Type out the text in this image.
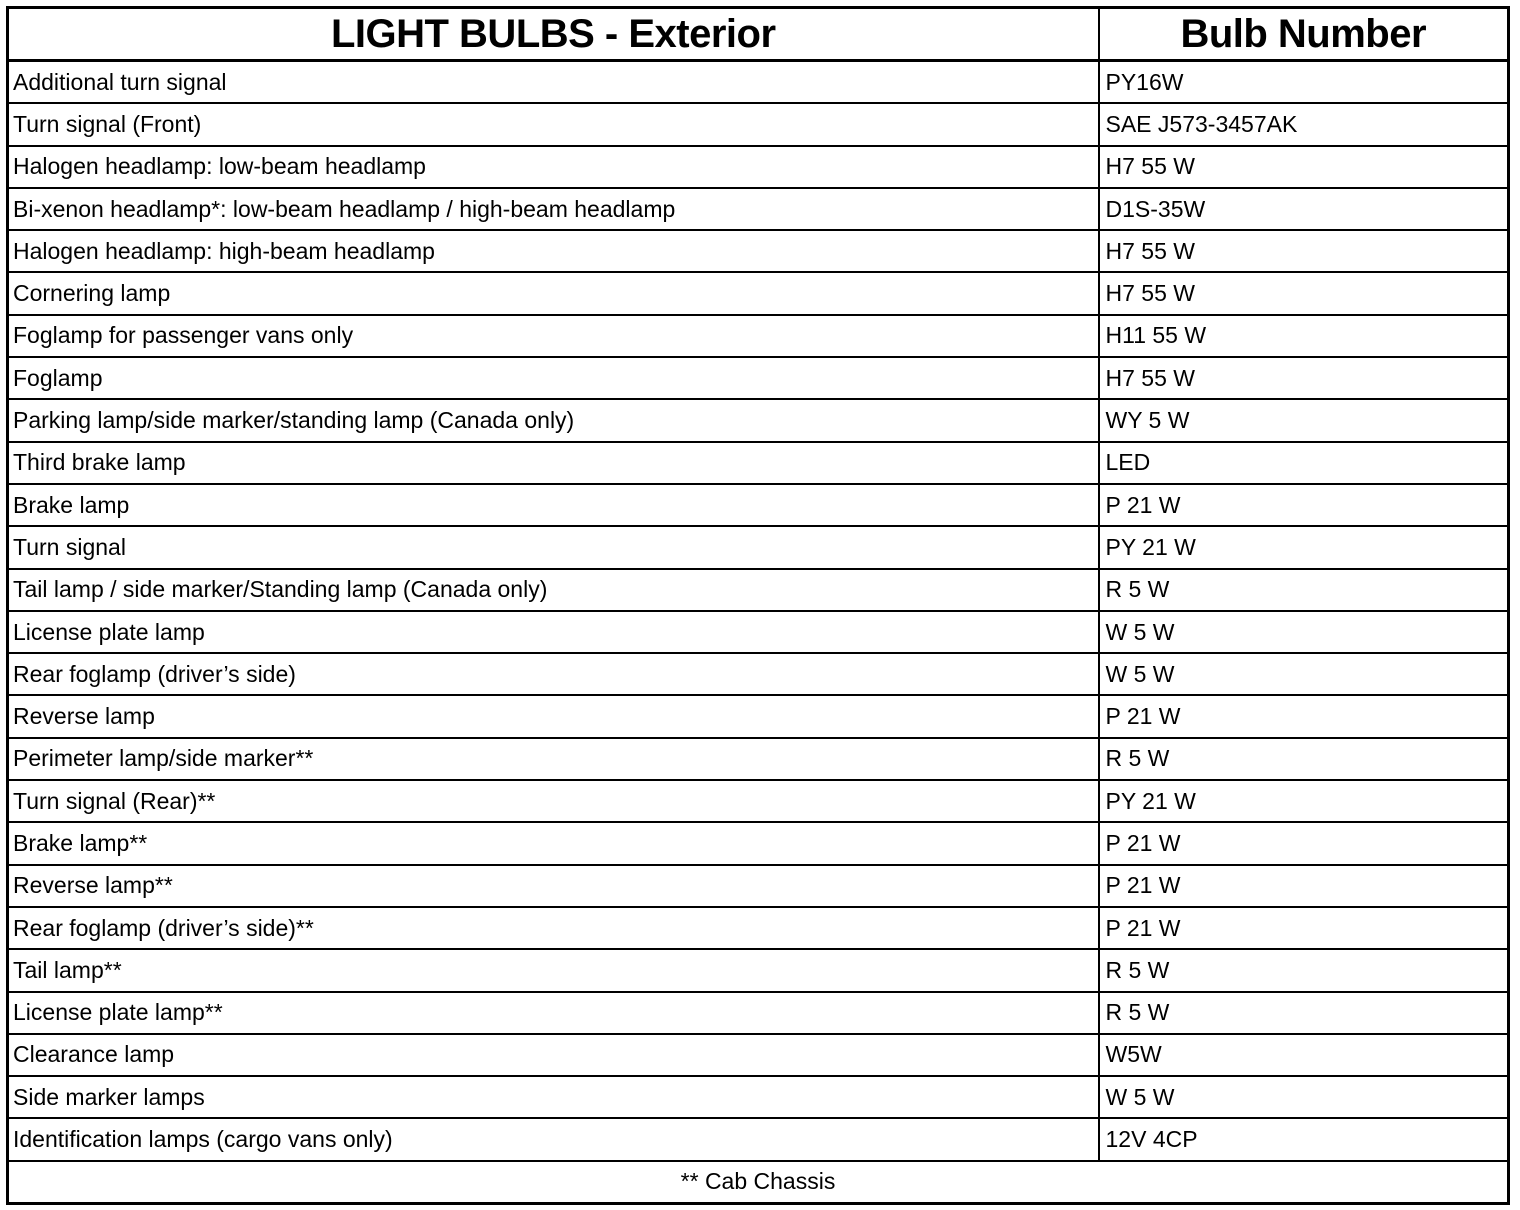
LIGHT BULBS - Exterior	Bulb Number
Additional turn signal	PY16W
Turn signal (Front)	SAE J573-3457AK
Halogen headlamp: low-beam headlamp	H7 55 W
Bi-xenon headlamp*: low-beam headlamp / high-beam headlamp	D1S-35W
Halogen headlamp: high-beam headlamp	H7 55 W
Cornering lamp	H7 55 W
Foglamp for passenger vans only	H11 55 W
Foglamp	H7 55 W
Parking lamp/side marker/standing lamp (Canada only)	WY 5 W
Third brake lamp	LED
Brake lamp	P 21 W
Turn signal	PY 21 W
Tail lamp / side marker/Standing lamp (Canada only)	R 5 W
License plate lamp	W 5 W
Rear foglamp (driver’s side)	W 5 W
Reverse lamp	P 21 W
Perimeter lamp/side marker**	R 5 W
Turn signal (Rear)**	PY 21 W
Brake lamp**	P 21 W
Reverse lamp**	P 21 W
Rear foglamp (driver’s side)**	P 21 W
Tail lamp**	R 5 W
License plate lamp**	R 5 W
Clearance lamp	W5W
Side marker lamps	W 5 W
Identification lamps (cargo vans only)	12V 4CP
** Cab Chassis	
